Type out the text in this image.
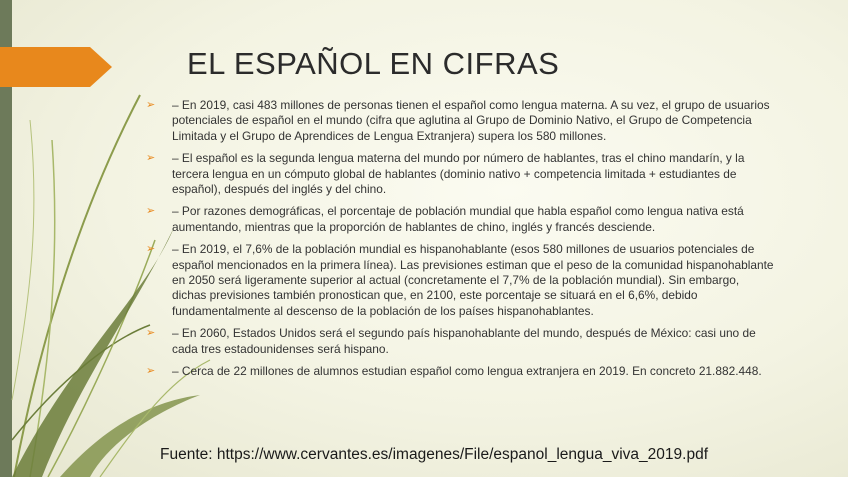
EL ESPAÑOL EN CIFRAS
➢ – En 2019, casi 483 millones de personas tienen el español como lengua materna. A su vez, el grupo de usuarios potenciales de español en el mundo (cifra que aglutina al Grupo de Dominio Nativo, el Grupo de Competencia Limitada y el Grupo de Aprendices de Lengua Extranjera) supera los 580 millones.
➢ – El español es la segunda lengua materna del mundo por número de hablantes, tras el chino mandarín, y la tercera lengua en un cómputo global de hablantes (dominio nativo + competencia limitada + estudiantes de español), después del inglés y del chino.
➢ – Por razones demográficas, el porcentaje de población mundial que habla español como lengua nativa está aumentando, mientras que la proporción de hablantes de chino, inglés y francés desciende.
➢ – En 2019, el 7,6% de la población mundial es hispanohablante (esos 580 millones de usuarios potenciales de español mencionados en la primera línea). Las previsiones estiman que el peso de la comunidad hispanohablante en 2050 será ligeramente superior al actual (concretamente el 7,7% de la población mundial). Sin embargo, dichas previsiones también pronostican que, en 2100, este porcentaje se situará en el 6,6%, debido fundamentalmente al descenso de la población de los países hispanohablantes.
➢ – En 2060, Estados Unidos será el segundo país hispanohablante del mundo, después de México: casi uno de cada tres estadounidenses será hispano.
➢ – Cerca de 22 millones de alumnos estudian español como lengua extranjera en 2019. En concreto 21.882.448.

Fuente: https://www.cervantes.es/imagenes/File/espanol_lengua_viva_2019.pdf
